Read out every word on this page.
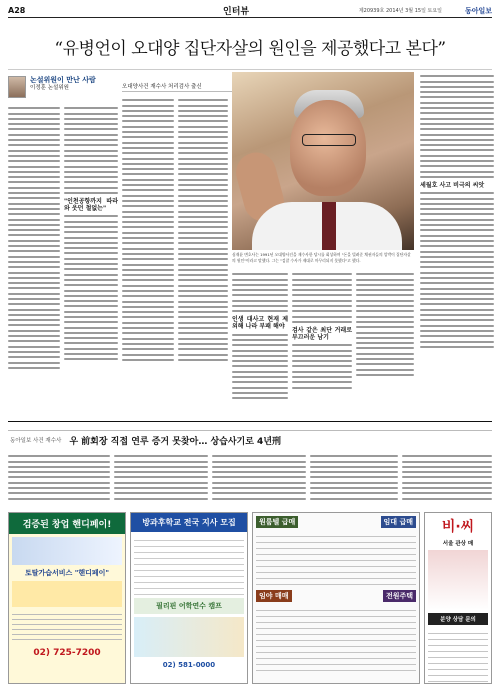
A28	인터뷰	제20939호 2014년 3월 15일 토요일	동아일보
“유병언이 오대양 집단자살의 원인을 제공했다고 본다”
논설위원이 만난 사람
이정훈 논설위원	오대양사건 재수사 처리검사 출신
"인천공항까지 따라 와 웃던 철없는"
심재륜 변호사는 1991년 오대양사건을 재수사한 당시를 회상하며 "돈을 빌려준 채권자들의 압박이 집단자살의 원인"이라고 말했다. 그는 "검찰 수사가 제대로 마무리되지 못했다"고 했다.
세월호 사고 비극의 씨앗
인생 대사고 현재 제외해 나라 부패 해야
검사 같은 최단 거래로 부끄러운 남기
동아일보 사건 재수사 우 前회장 직접 연루 증거 못찾아… 상습사기로 4년刑
검증된 창업 핸디페이!
토탈가습서비스 "핸디페이"
02) 725-7200
방과후학교 전국 지사 모집
필리핀 어학연수 캠프
02) 581-0000
원룸텔 급매	임대 급매
임야 매매	전원주택
비·씨
서울 관상 매
분양 상담 문의
